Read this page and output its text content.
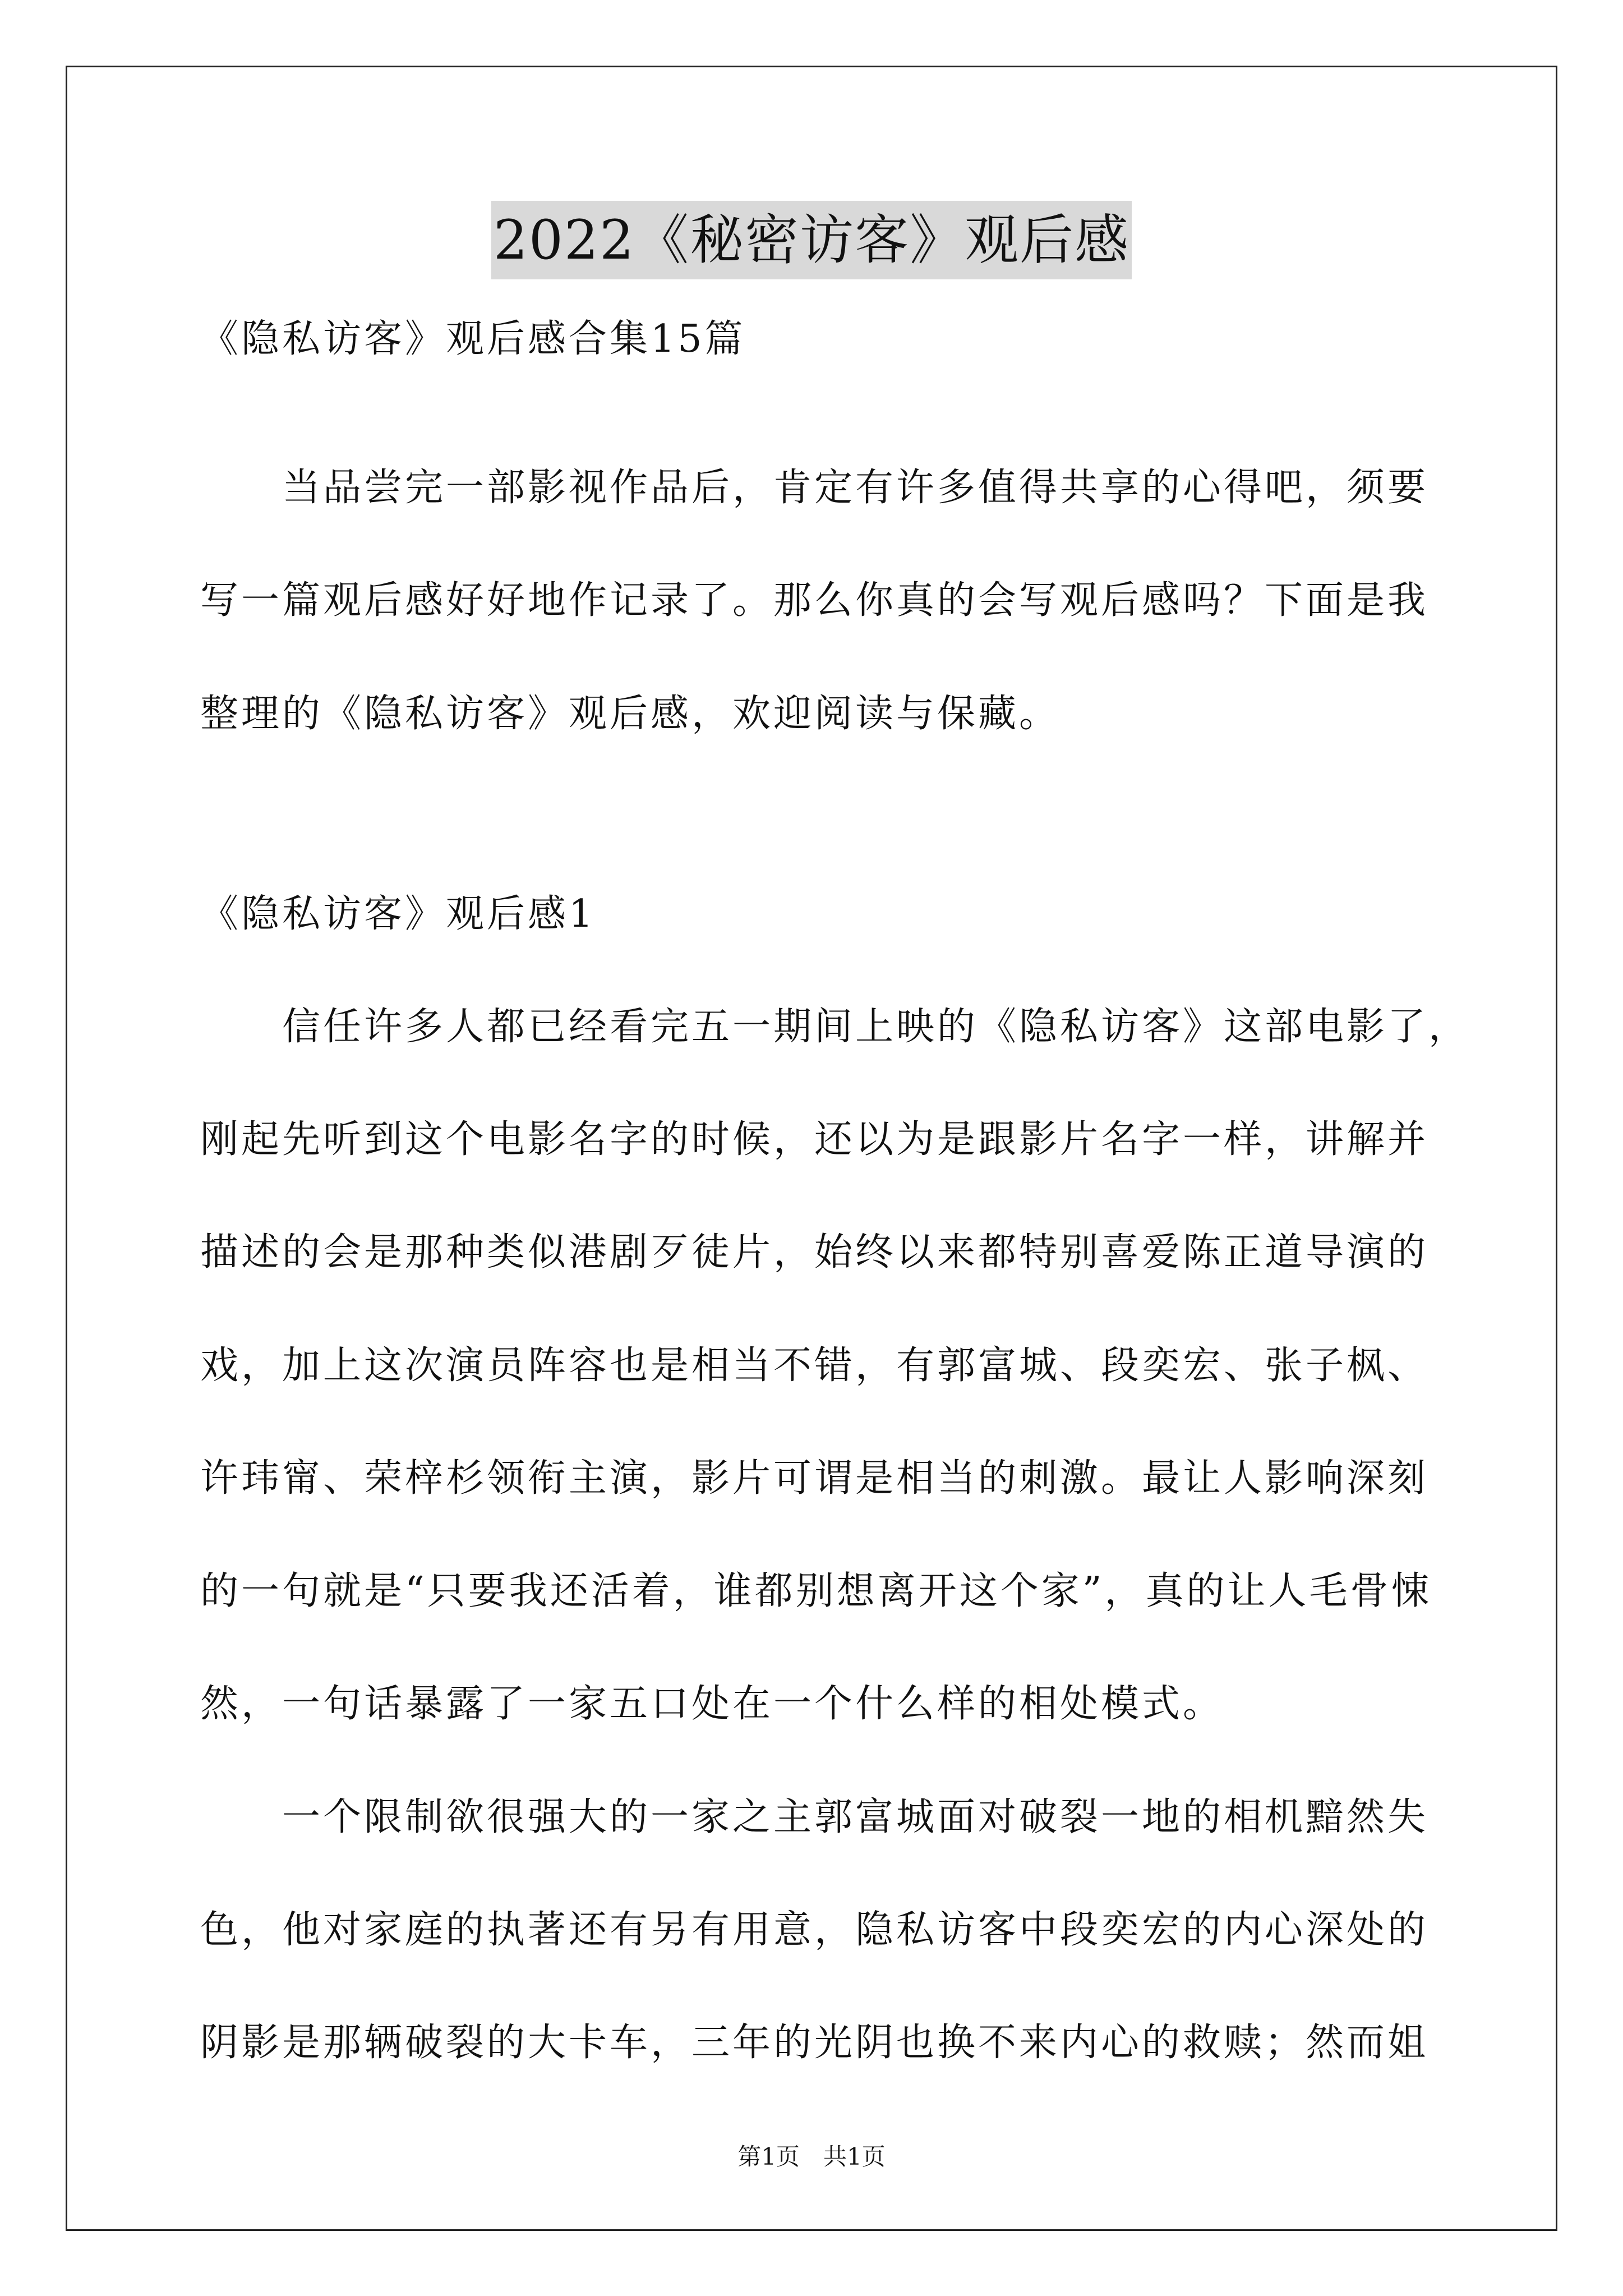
2022《秘密访客》观后感
《隐私访客》观后感合集15篇
　　当品尝完一部影视作品后，肯定有许多值得共享的心得吧，须要
写一篇观后感好好地作记录了。那么你真的会写观后感吗？下面是我
整理的《隐私访客》观后感，欢迎阅读与保藏。
《隐私访客》观后感1
　　信任许多人都已经看完五一期间上映的《隐私访客》这部电影了，
刚起先听到这个电影名字的时候，还以为是跟影片名字一样，讲解并
描述的会是那种类似港剧歹徒片，始终以来都特别喜爱陈正道导演的
戏，加上这次演员阵容也是相当不错，有郭富城、段奕宏、张子枫、
许玮甯、荣梓杉领衔主演，影片可谓是相当的刺激。最让人影响深刻
的一句就是“只要我还活着，谁都别想离开这个家”，真的让人毛骨悚
然，一句话暴露了一家五口处在一个什么样的相处模式。
　　一个限制欲很强大的一家之主郭富城面对破裂一地的相机黯然失
色，他对家庭的执著还有另有用意，隐私访客中段奕宏的内心深处的
阴影是那辆破裂的大卡车，三年的光阴也换不来内心的救赎；然而姐
第1页　共1页
